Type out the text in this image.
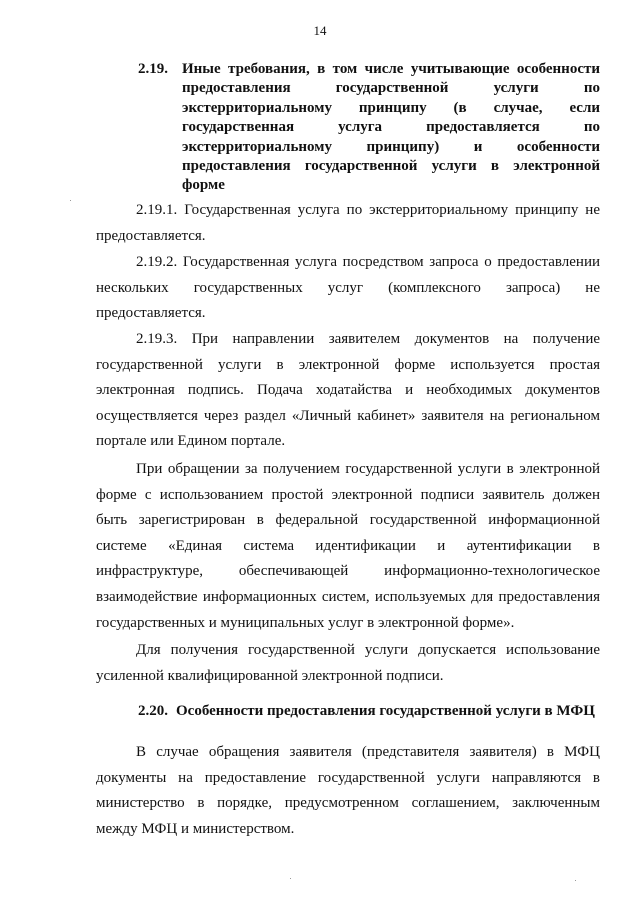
14
2.19. Иные требования, в том числе учитывающие особенности предоставления государственной услуги по экстерриториальному принципу (в случае, если государственная услуга предоставляется по экстерриториальному принципу) и особенности предоставления государственной услуги в электронной форме

2.19.1. Государственная услуга по экстерриториальному принципу не предоставляется.

2.19.2. Государственная услуга посредством запроса о предоставлении нескольких государственных услуг (комплексного запроса) не предоставляется.

2.19.3. При направлении заявителем документов на получение государственной услуги в электронной форме используется простая электронная подпись. Подача ходатайства и необходимых документов осуществляется через раздел «Личный кабинет» заявителя на региональном портале или Едином портале.

При обращении за получением государственной услуги в электронной форме с использованием простой электронной подписи заявитель должен быть зарегистрирован в федеральной государственной информационной системе «Единая система идентификации и аутентификации в инфраструктуре, обеспечивающей информационно-технологическое взаимодействие информационных систем, используемых для предоставления государственных и муниципальных услуг в электронной форме».

Для получения государственной услуги допускается использование усиленной квалифицированной электронной подписи.

2.20. Особенности предоставления государственной услуги в МФЦ

В случае обращения заявителя (представителя заявителя) в МФЦ документы на предоставление государственной услуги направляются в министерство в порядке, предусмотренном соглашением, заключенным между МФЦ и министерством.
